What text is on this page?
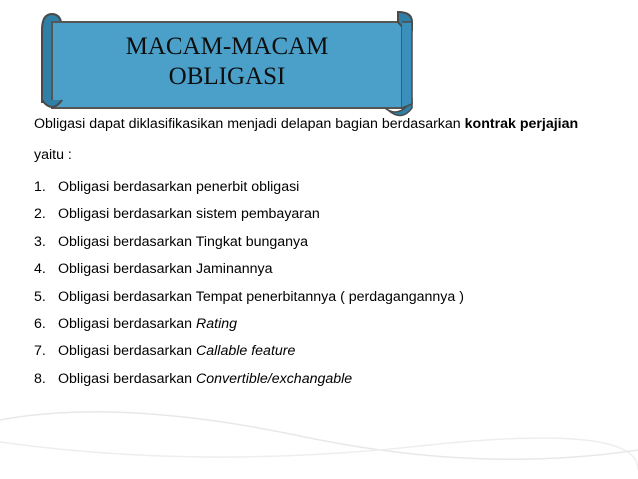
MACAM-MACAM
OBLIGASI
Obligasi dapat diklasifikasikan menjadi delapan bagian berdasarkan kontrak perjajian
yaitu :
1. Obligasi berdasarkan penerbit obligasi
2. Obligasi berdasarkan sistem pembayaran
3. Obligasi berdasarkan Tingkat bunganya
4. Obligasi berdasarkan Jaminannya
5. Obligasi berdasarkan Tempat penerbitannya ( perdagangannya )
6. Obligasi berdasarkan Rating
7. Obligasi berdasarkan Callable feature
8. Obligasi berdasarkan Convertible/exchangable
